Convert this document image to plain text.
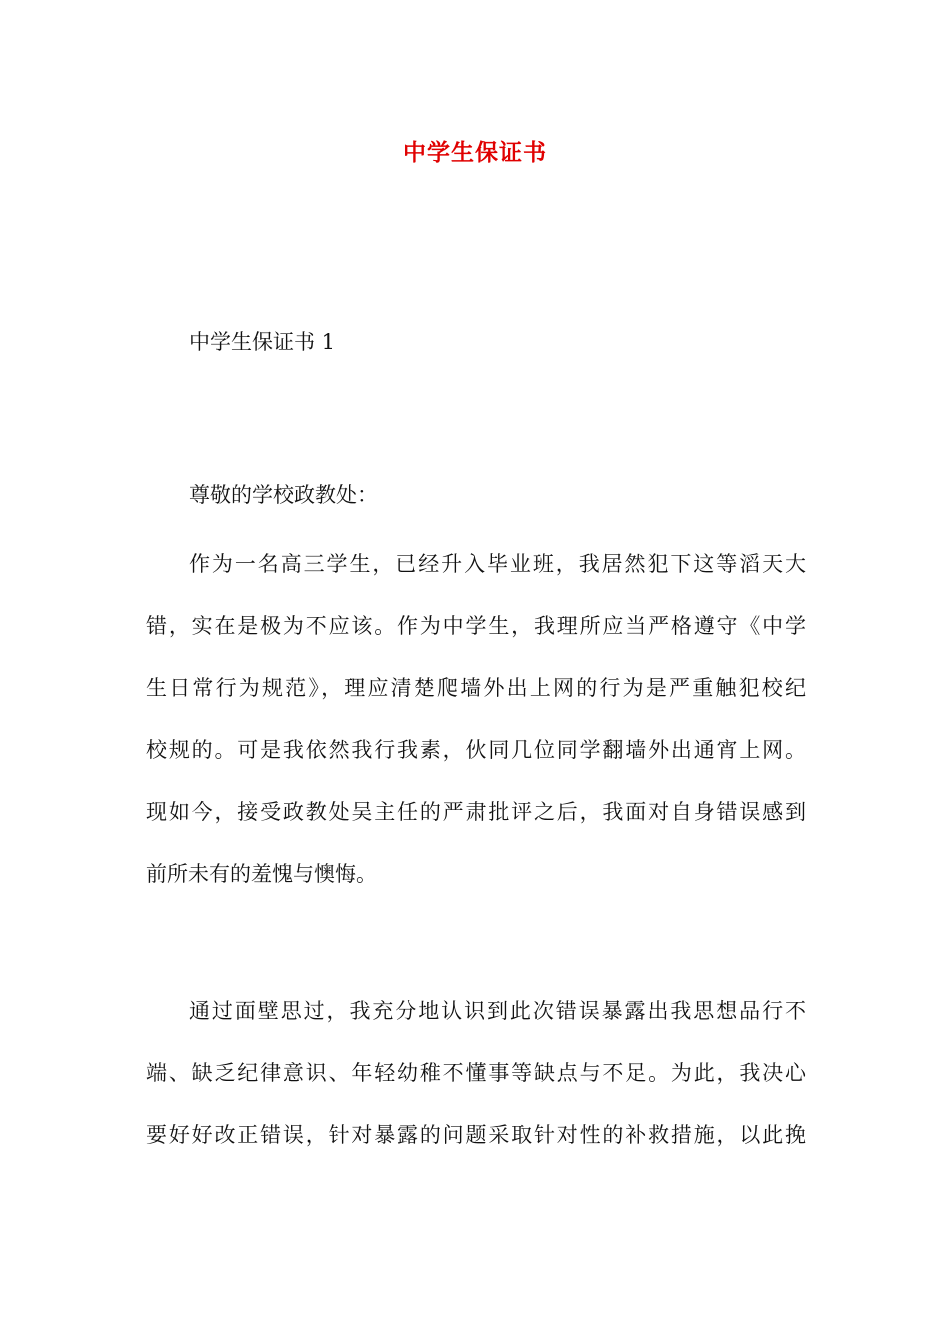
中学生保证书
中学生保证书 1
尊敬的学校政教处：
作为一名高三学生，已经升入毕业班，我居然犯下这等滔天大
错，实在是极为不应该。作为中学生，我理所应当严格遵守《中学
生日常行为规范》，理应清楚爬墙外出上网的行为是严重触犯校纪
校规的。可是我依然我行我素，伙同几位同学翻墙外出通宵上网。
现如今，接受政教处吴主任的严肃批评之后，我面对自身错误感到
前所未有的羞愧与懊悔。
通过面壁思过，我充分地认识到此次错误暴露出我思想品行不
端、缺乏纪律意识、年轻幼稚不懂事等缺点与不足。为此，我决心
要好好改正错误，针对暴露的问题采取针对性的补救措施，以此挽
